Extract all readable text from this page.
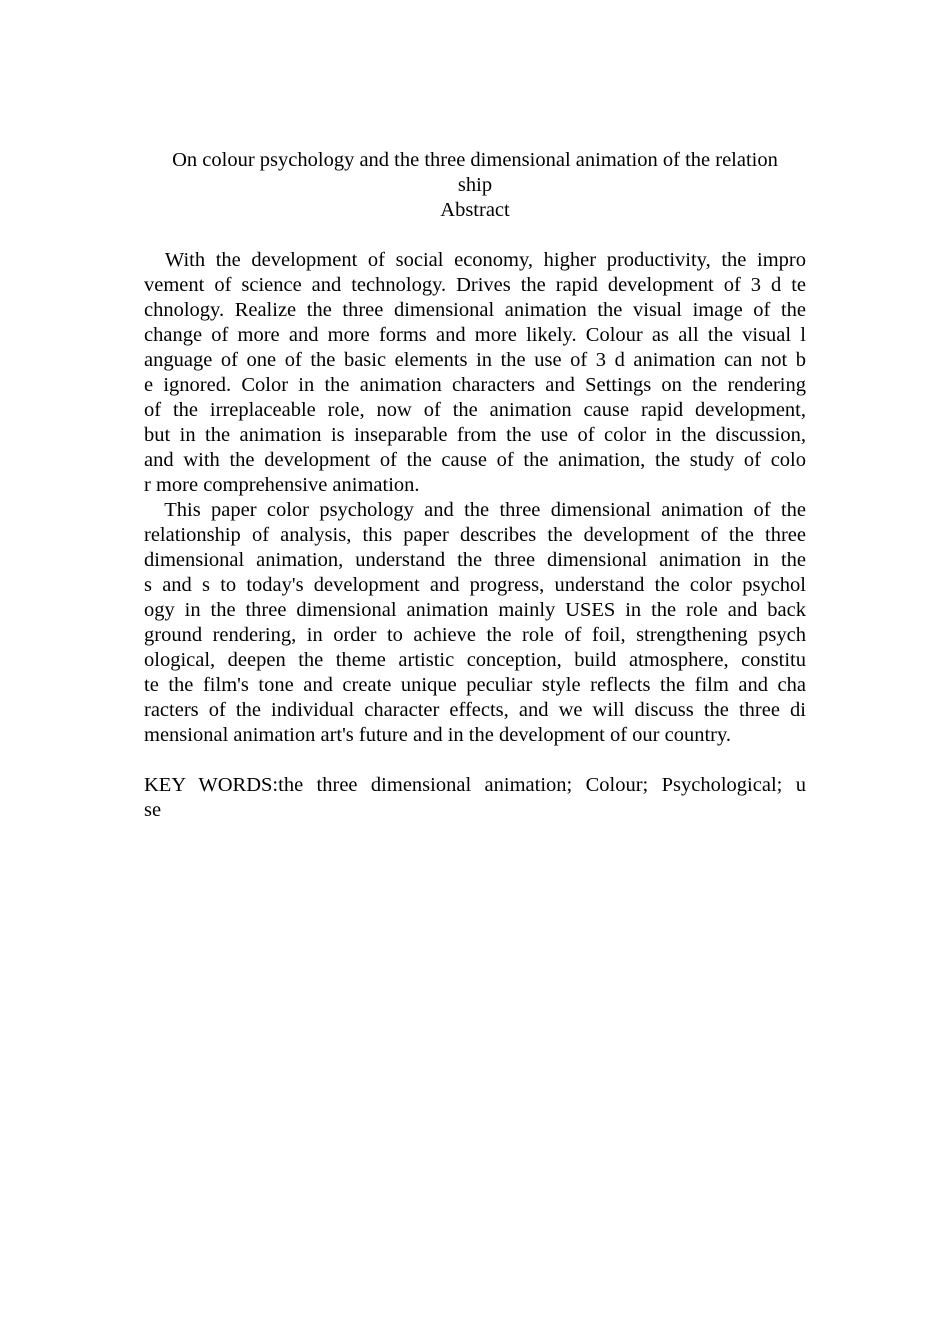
On colour psychology and the three dimensional animation of the relation
ship
Abstract
With the development of social economy, higher productivity, the impro
vement of science and technology. Drives the rapid development of 3 d te
chnology. Realize the three dimensional animation the visual image of the
change of more and more forms and more likely. Colour as all the visual l
anguage of one of the basic elements in the use of 3 d animation can not b
e ignored. Color in the animation characters and Settings on the rendering
of the irreplaceable role, now of the animation cause rapid development,
but in the animation is inseparable from the use of color in the discussion,
and with the development of the cause of the animation, the study of colo
r more comprehensive animation.
This paper color psychology and the three dimensional animation of the
relationship of analysis, this paper describes the development of the three
dimensional animation, understand the three dimensional animation in the
s and s to today's development and progress, understand the color psychol
ogy in the three dimensional animation mainly USES in the role and back
ground rendering, in order to achieve the role of foil, strengthening psych
ological, deepen the theme artistic conception, build atmosphere, constitu
te the film's tone and create unique peculiar style reflects the film and cha
racters of the individual character effects, and we will discuss the three di
mensional animation art's future and in the development of our country.
KEY WORDS:the three dimensional animation; Colour; Psychological; u
se
